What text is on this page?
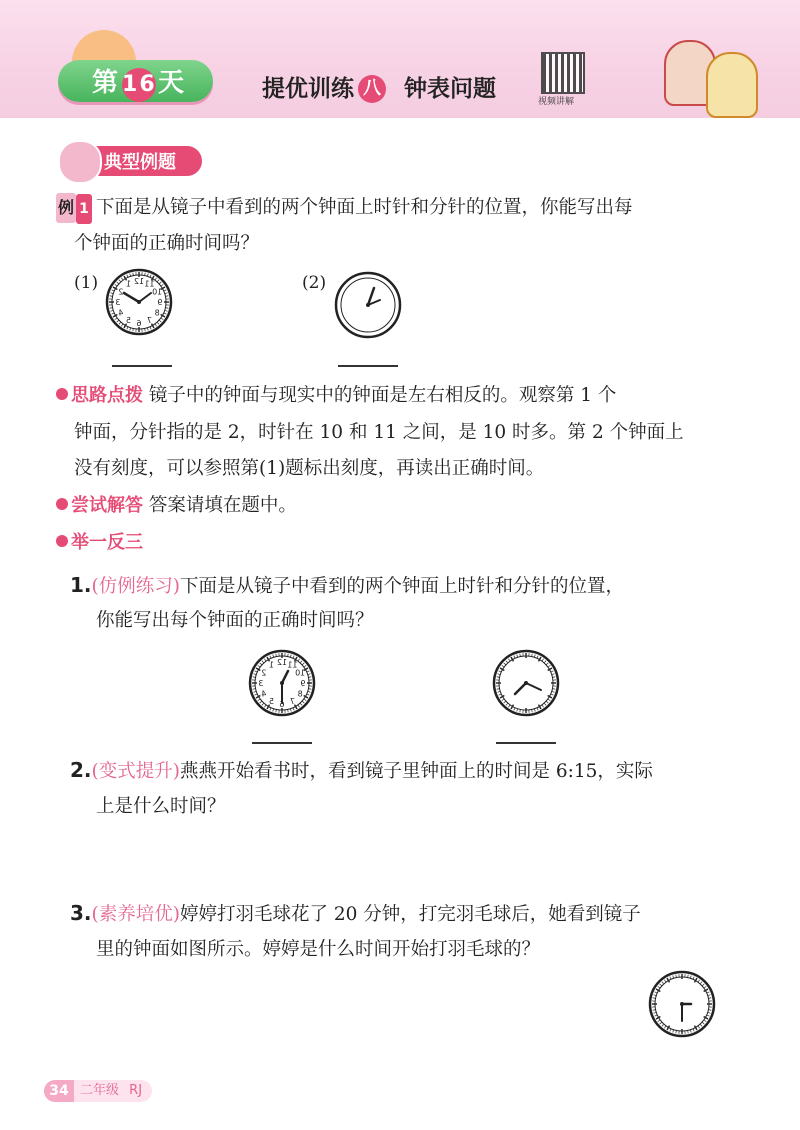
第16天	提优训练 八 钟表问题	视频讲解
典型例题
例 1 下面是从镜子中看到的两个钟面上时针和分针的位置，你能写出每
个钟面的正确时间吗？
(1)	(2)
12
1
2
3
4
5 6 7
8
9
10
11
思路点拨 镜子中的钟面与现实中的钟面是左右相反的。观察第 1 个
钟面，分针指的是 2，时针在 10 和 11 之间，是 10 时多。第 2 个钟面上
没有刻度，可以参照第(1)题标出刻度，再读出正确时间。
尝试解答 答案请填在题中。
举一反三
1.(仿例练习)下面是从镜子中看到的两个钟面上时针和分针的位置，
你能写出每个钟面的正确时间吗？
12
1
2
3
4
5 6 7
8
9
10
11
2.(变式提升)燕燕开始看书时，看到镜子里钟面上的时间是 6:15，实际
上是什么时间？
3.(素养培优)婷婷打羽毛球花了 20 分钟，打完羽毛球后，她看到镜子
里的钟面如图所示。婷婷是什么时间开始打羽毛球的？
34 二年级 RJ
